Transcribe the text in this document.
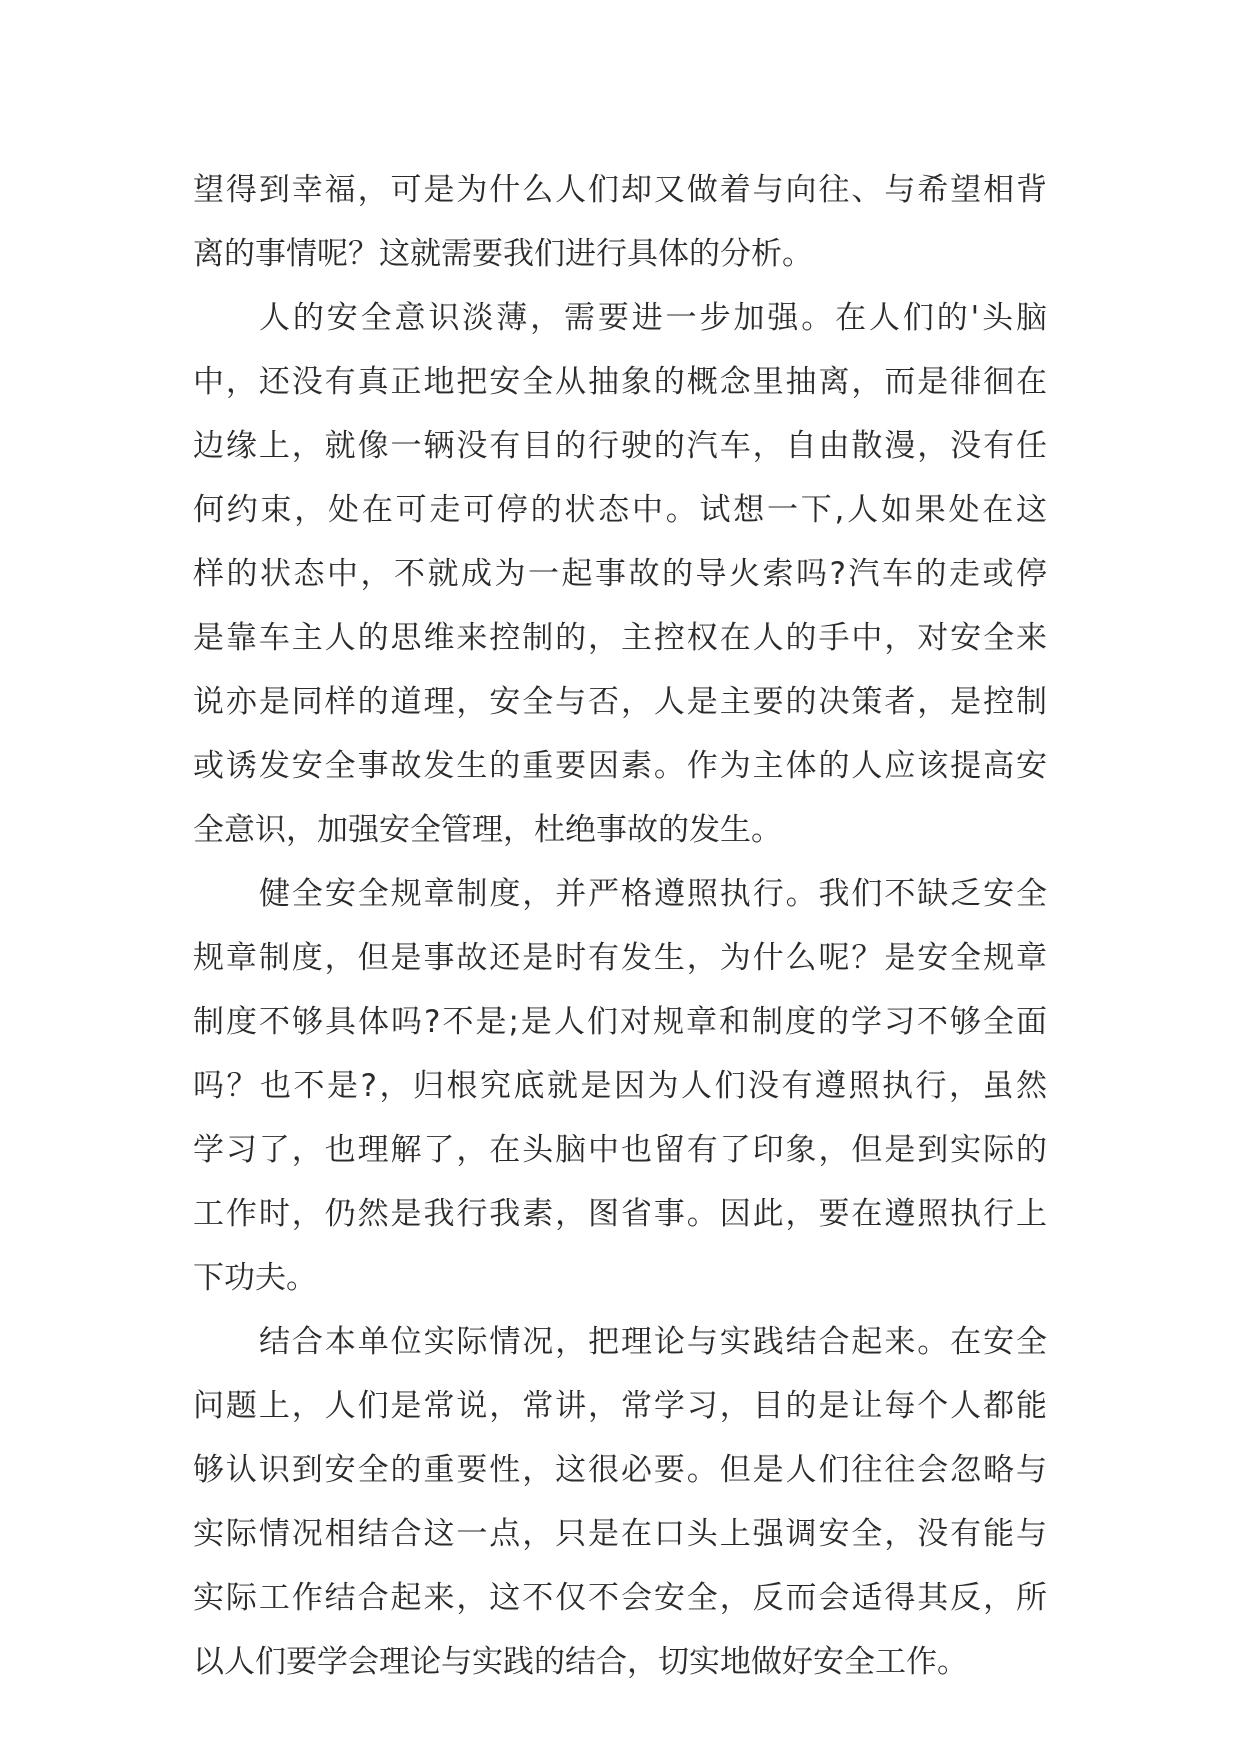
望得到幸福，可是为什么人们却又做着与向往、与希望相背
离的事情呢？这就需要我们进行具体的分析。
人的安全意识淡薄，需要进一步加强。在人们的'头脑
中，还没有真正地把安全从抽象的概念里抽离，而是徘徊在
边缘上，就像一辆没有目的行驶的汽车，自由散漫，没有任
何约束，处在可走可停的状态中。试想一下,人如果处在这
样的状态中，不就成为一起事故的导火索吗?汽车的走或停
是靠车主人的思维来控制的，主控权在人的手中，对安全来
说亦是同样的道理，安全与否，人是主要的决策者，是控制
或诱发安全事故发生的重要因素。作为主体的人应该提高安
全意识，加强安全管理，杜绝事故的发生。
健全安全规章制度，并严格遵照执行。我们不缺乏安全
规章制度，但是事故还是时有发生，为什么呢？是安全规章
制度不够具体吗?不是;是人们对规章和制度的学习不够全面
吗？也不是?，归根究底就是因为人们没有遵照执行，虽然
学习了，也理解了，在头脑中也留有了印象，但是到实际的
工作时，仍然是我行我素，图省事。因此，要在遵照执行上
下功夫。
结合本单位实际情况，把理论与实践结合起来。在安全
问题上，人们是常说，常讲，常学习，目的是让每个人都能
够认识到安全的重要性，这很必要。但是人们往往会忽略与
实际情况相结合这一点，只是在口头上强调安全，没有能与
实际工作结合起来，这不仅不会安全，反而会适得其反，所
以人们要学会理论与实践的结合，切实地做好安全工作。
